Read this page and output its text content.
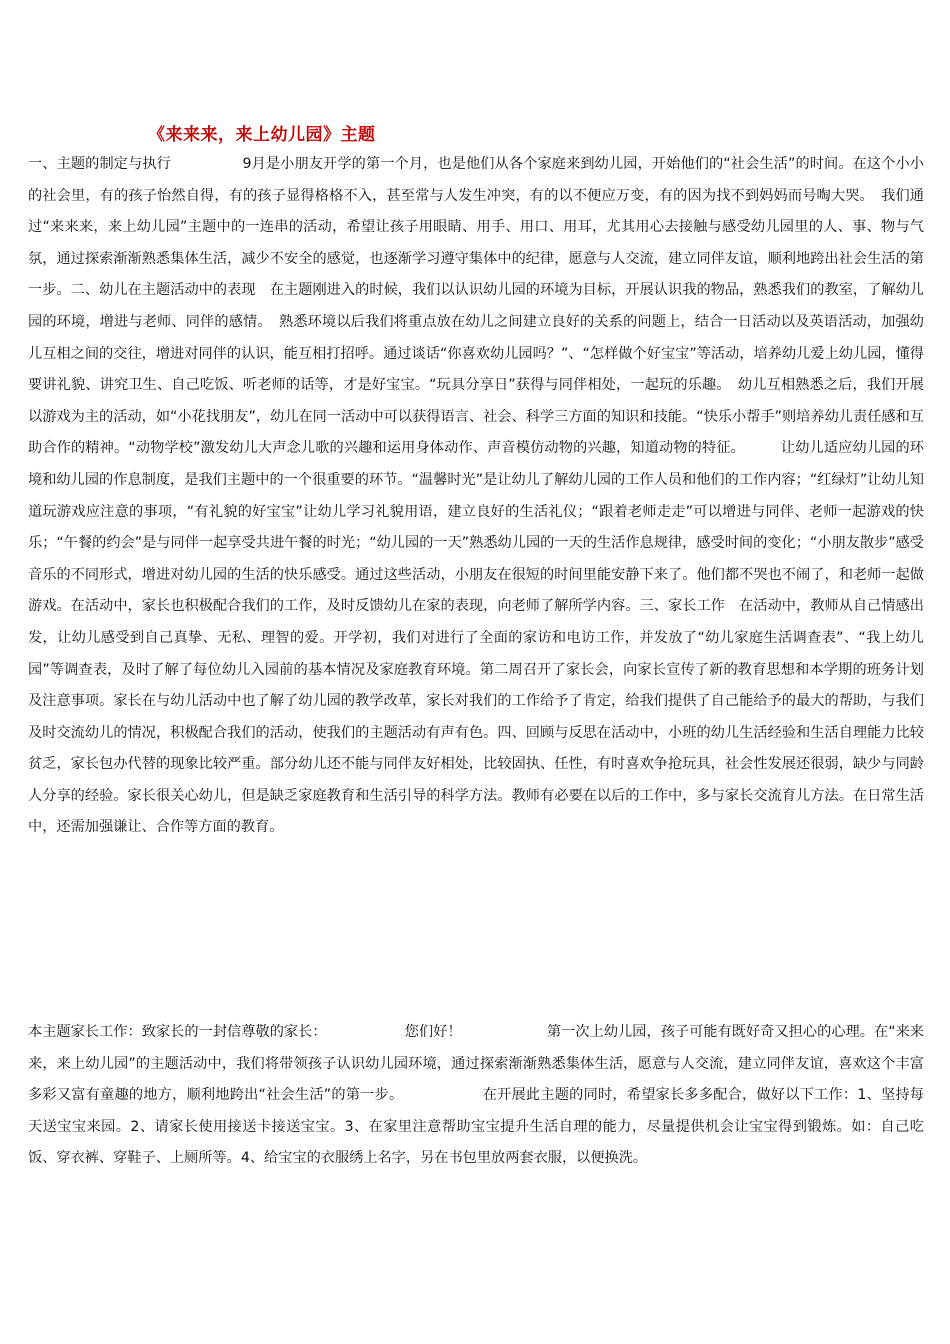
《来来来，来上幼儿园》主题

一、主题的制定与执行　　　　　9月是小朋友开学的第一个月，也是他们从各个家庭来到幼儿园，开始他们的“社会生活”的时间。在这个小小的社会里，有的孩子怡然自得，有的孩子显得格格不入，甚至常与人发生冲突，有的以不便应万变，有的因为找不到妈妈而号啕大哭。　我们通过“来来来，来上幼儿园”主题中的一连串的活动，希望让孩子用眼睛、用手、用口、用耳，尤其用心去接触与感受幼儿园里的人、事、物与气氛，通过探索渐渐熟悉集体生活，减少不安全的感觉，也逐渐学习遵守集体中的纪律，愿意与人交流，建立同伴友谊，顺利地跨出社会生活的第一步。二、幼儿在主题活动中的表现　在主题刚进入的时候，我们以认识幼儿园的环境为目标，开展认识我的物品，熟悉我们的教室，了解幼儿园的环境，增进与老师、同伴的感情。　熟悉环境以后我们将重点放在幼儿之间建立良好的关系的问题上，结合一日活动以及英语活动，加强幼儿互相之间的交往，增进对同伴的认识，能互相打招呼。通过谈话“你喜欢幼儿园吗？”、“怎样做个好宝宝”等活动，培养幼儿爱上幼儿园，懂得要讲礼貌、讲究卫生、自己吃饭、听老师的话等，才是好宝宝。“玩具分享日”获得与同伴相处，一起玩的乐趣。　幼儿互相熟悉之后，我们开展以游戏为主的活动，如“小花找朋友”，幼儿在同一活动中可以获得语言、社会、科学三方面的知识和技能。“快乐小帮手”则培养幼儿责任感和互助合作的精神。“动物学校”激发幼儿大声念儿歌的兴趣和运用身体动作、声音模仿动物的兴趣，知道动物的特征。　　　让幼儿适应幼儿园的环境和幼儿园的作息制度，是我们主题中的一个很重要的环节。“温馨时光”是让幼儿了解幼儿园的工作人员和他们的工作内容；“红绿灯”让幼儿知道玩游戏应注意的事项，“有礼貌的好宝宝”让幼儿学习礼貌用语，建立良好的生活礼仪；“跟着老师走走”可以增进与同伴、老师一起游戏的快乐；“午餐的约会”是与同伴一起享受共进午餐的时光；“幼儿园的一天”熟悉幼儿园的一天的生活作息规律，感受时间的变化；“小朋友散步”感受音乐的不同形式，增进对幼儿园的生活的快乐感受。通过这些活动，小朋友在很短的时间里能安静下来了。他们都不哭也不闹了，和老师一起做游戏。在活动中，家长也积极配合我们的工作，及时反馈幼儿在家的表现，向老师了解所学内容。三、家长工作　在活动中，教师从自己情感出发，让幼儿感受到自己真挚、无私、理智的爱。开学初，我们对进行了全面的家访和电访工作，并发放了“幼儿家庭生活调查表”、“我上幼儿园”等调查表，及时了解了每位幼儿入园前的基本情况及家庭教育环境。第二周召开了家长会，向家长宣传了新的教育思想和本学期的班务计划及注意事项。家长在与幼儿活动中也了解了幼儿园的教学改革，家长对我们的工作给予了肯定，给我们提供了自己能给予的最大的帮助，与我们及时交流幼儿的情况，积极配合我们的活动，使我们的主题活动有声有色。四、回顾与反思在活动中，小班的幼儿生活经验和生活自理能力比较贫乏，家长包办代替的现象比较严重。部分幼儿还不能与同伴友好相处，比较固执、任性，有时喜欢争抢玩具，社会性发展还很弱，缺少与同龄人分享的经验。家长很关心幼儿，但是缺乏家庭教育和生活引导的科学方法。教师有必要在以后的工作中，多与家长交流育儿方法。在日常生活中，还需加强谦让、合作等方面的教育。

本主题家长工作：致家长的一封信尊敬的家长：　　　　　　您们好！　　　　　　第一次上幼儿园，孩子可能有既好奇又担心的心理。在“来来来，来上幼儿园”的主题活动中，我们将带领孩子认识幼儿园环境，通过探索渐渐熟悉集体生活，愿意与人交流，建立同伴友谊，喜欢这个丰富多彩又富有童趣的地方，顺利地跨出“社会生活”的第一步。　　　　　　在开展此主题的同时，希望家长多多配合，做好以下工作：1、坚持每天送宝宝来园。2、请家长使用接送卡接送宝宝。3、在家里注意帮助宝宝提升生活自理的能力，尽量提供机会让宝宝得到锻炼。如：自己吃饭、穿衣裤、穿鞋子、上厕所等。4、给宝宝的衣服绣上名字，另在书包里放两套衣服，以便换洗。
